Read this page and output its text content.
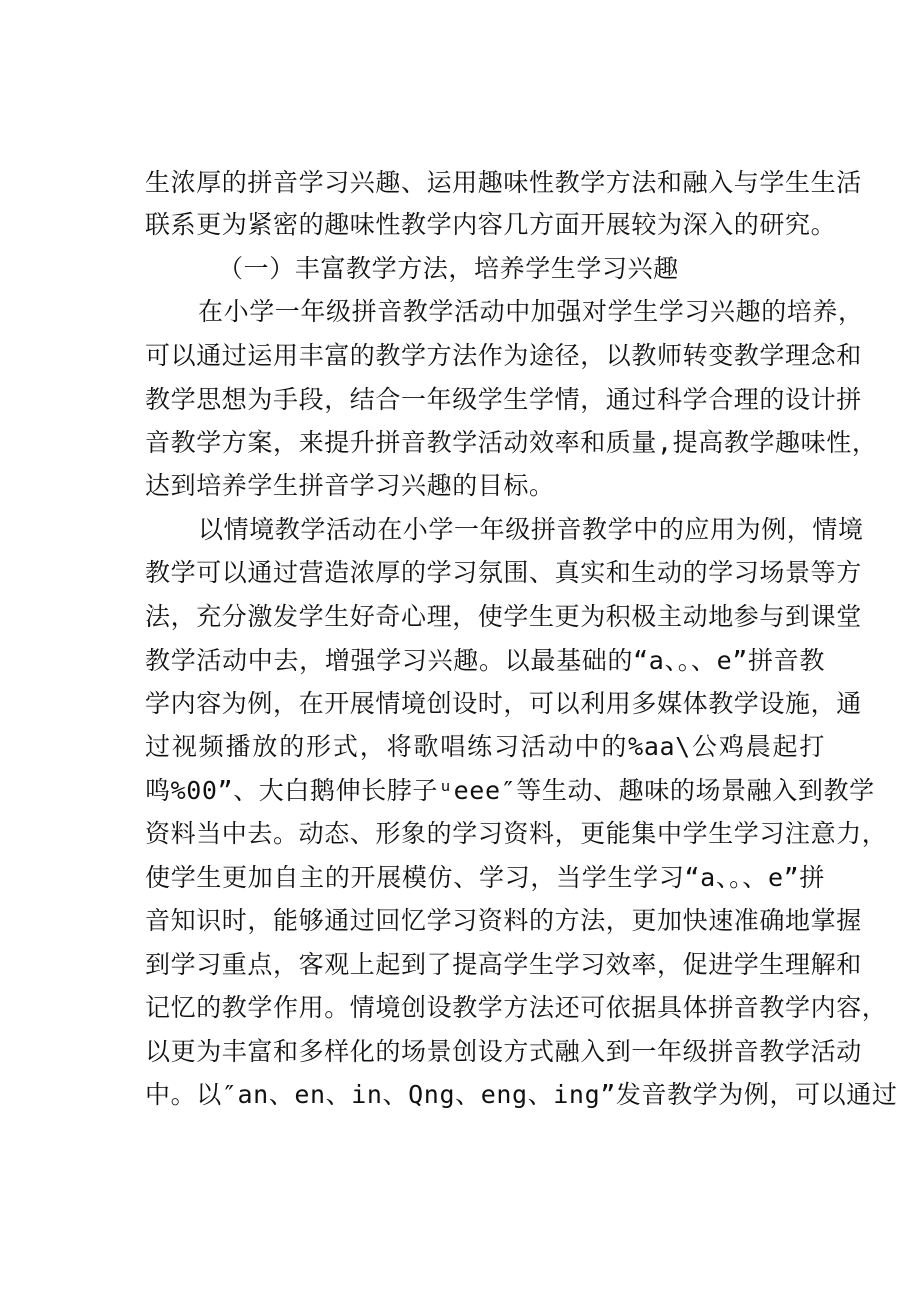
生浓厚的拼音学习兴趣、运用趣味性教学方法和融入与学生生活
联系更为紧密的趣味性教学内容几方面开展较为深入的研究。
（一）丰富教学方法，培养学生学习兴趣
在小学一年级拼音教学活动中加强对学生学习兴趣的培养，
可以通过运用丰富的教学方法作为途径，以教师转变教学理念和
教学思想为手段，结合一年级学生学情，通过科学合理的设计拼
音教学方案，来提升拼音教学活动效率和质量,提高教学趣味性，
达到培养学生拼音学习兴趣的目标。
以情境教学活动在小学一年级拼音教学中的应用为例，情境
教学可以通过营造浓厚的学习氛围、真实和生动的学习场景等方
法，充分激发学生好奇心理，使学生更为积极主动地参与到课堂
教学活动中去，增强学习兴趣。以最基础的“a、。、e”拼音教
学内容为例，在开展情境创设时，可以利用多媒体教学设施，通
过视频播放的形式，将歌唱练习活动中的%aa\公鸡晨起打
鸣%00”、大白鹅伸长脖子ᵘeee″等生动、趣味的场景融入到教学
资料当中去。动态、形象的学习资料，更能集中学生学习注意力，
使学生更加自主的开展模仿、学习，当学生学习“a、。、e”拼
音知识时，能够通过回忆学习资料的方法，更加快速准确地掌握
到学习重点，客观上起到了提高学生学习效率，促进学生理解和
记忆的教学作用。情境创设教学方法还可依据具体拼音教学内容，
以更为丰富和多样化的场景创设方式融入到一年级拼音教学活动
中。以″an、en、in、Qng、eng、ing”发音教学为例，可以通过
